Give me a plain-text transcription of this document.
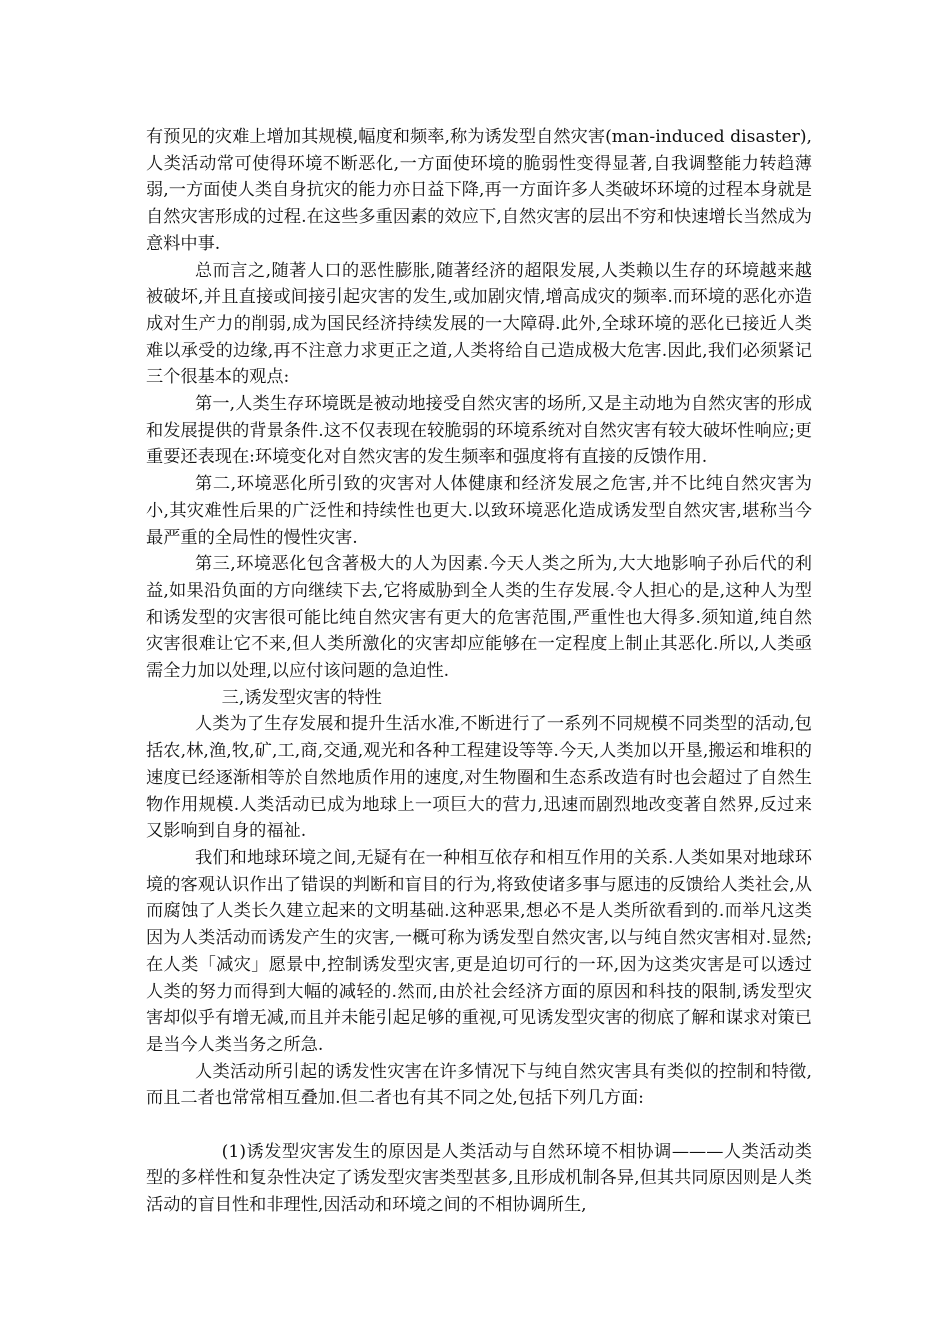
有预见的灾难上增加其规模,幅度和频率,称为诱发型自然灾害(man-induced disaster),人类活动常可使得环境不断恶化,一方面使环境的脆弱性变得显著,自我调整能力转趋薄弱,一方面使人类自身抗灾的能力亦日益下降,再一方面许多人类破坏环境的过程本身就是自然灾害形成的过程.在这些多重因素的效应下,自然灾害的层出不穷和快速增长当然成为意料中事.

总而言之,随著人口的恶性膨胀,随著经济的超限发展,人类赖以生存的环境越来越被破坏,并且直接或间接引起灾害的发生,或加剧灾情,增高成灾的频率.而环境的恶化亦造成对生产力的削弱,成为国民经济持续发展的一大障碍.此外,全球环境的恶化已接近人类难以承受的边缘,再不注意力求更正之道,人类将给自己造成极大危害.因此,我们必须紧记三个很基本的观点:

第一,人类生存环境既是被动地接受自然灾害的场所,又是主动地为自然灾害的形成和发展提供的背景条件.这不仅表现在较脆弱的环境系统对自然灾害有较大破坏性响应;更重要还表现在:环境变化对自然灾害的发生频率和强度将有直接的反馈作用.

第二,环境恶化所引致的灾害对人体健康和经济发展之危害,并不比纯自然灾害为小,其灾难性后果的广泛性和持续性也更大.以致环境恶化造成诱发型自然灾害,堪称当今最严重的全局性的慢性灾害.

第三,环境恶化包含著极大的人为因素.今天人类之所为,大大地影响子孙后代的利益,如果沿负面的方向继续下去,它将威胁到全人类的生存发展.令人担心的是,这种人为型和诱发型的灾害很可能比纯自然灾害有更大的危害范围,严重性也大得多.须知道,纯自然灾害很难让它不来,但人类所激化的灾害却应能够在一定程度上制止其恶化.所以,人类亟需全力加以处理,以应付该问题的急迫性.

三,诱发型灾害的特性

人类为了生存发展和提升生活水准,不断进行了一系列不同规模不同类型的活动,包括农,林,渔,牧,矿,工,商,交通,观光和各种工程建设等等.今天,人类加以开垦,搬运和堆积的速度已经逐渐相等於自然地质作用的速度,对生物圈和生态系改造有时也会超过了自然生物作用规模.人类活动已成为地球上一项巨大的营力,迅速而剧烈地改变著自然界,反过来又影响到自身的福祉.

我们和地球环境之间,无疑有在一种相互依存和相互作用的关系.人类如果对地球环境的客观认识作出了错误的判断和盲目的行为,将致使诸多事与愿违的反馈给人类社会,从而腐蚀了人类长久建立起来的文明基础.这种恶果,想必不是人类所欲看到的.而举凡这类因为人类活动而诱发产生的灾害,一概可称为诱发型自然灾害,以与纯自然灾害相对.显然;在人类「减灾」愿景中,控制诱发型灾害,更是迫切可行的一环,因为这类灾害是可以透过人类的努力而得到大幅的减轻的.然而,由於社会经济方面的原因和科技的限制,诱发型灾害却似乎有增无减,而且并未能引起足够的重视,可见诱发型灾害的彻底了解和谋求对策已是当今人类当务之所急.

人类活动所引起的诱发性灾害在许多情况下与纯自然灾害具有类似的控制和特徵,而且二者也常常相互叠加.但二者也有其不同之处,包括下列几方面:

(1)诱发型灾害发生的原因是人类活动与自然环境不相协调———人类活动类型的多样性和复杂性决定了诱发型灾害类型甚多,且形成机制各异,但其共同原因则是人类活动的盲目性和非理性,因活动和环境之间的不相协调所生,
